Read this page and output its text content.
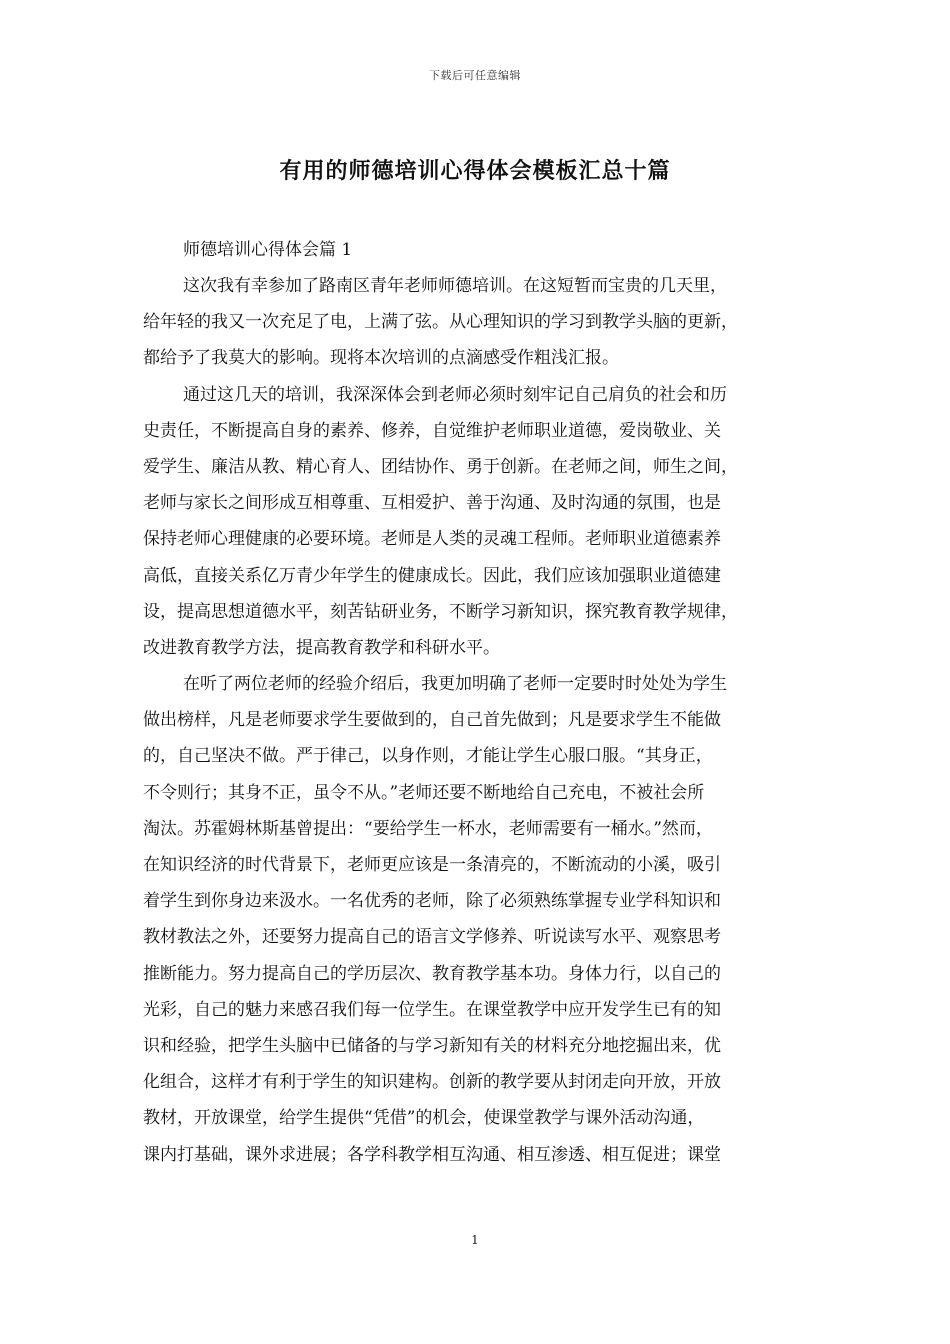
下载后可任意编辑
有用的师德培训心得体会模板汇总十篇

师德培训心得体会篇 1

这次我有幸参加了路南区青年老师师德培训。在这短暂而宝贵的几天里，
给年轻的我又一次充足了电，上满了弦。从心理知识的学习到教学头脑的更新，
都给予了我莫大的影响。现将本次培训的点滴感受作粗浅汇报。
通过这几天的培训，我深深体会到老师必须时刻牢记自己肩负的社会和历
史责任，不断提高自身的素养、修养，自觉维护老师职业道德，爱岗敬业、关
爱学生、廉洁从教、精心育人、团结协作、勇于创新。在老师之间，师生之间，
老师与家长之间形成互相尊重、互相爱护、善于沟通、及时沟通的氛围，也是
保持老师心理健康的必要环境。老师是人类的灵魂工程师。老师职业道德素养
高低，直接关系亿万青少年学生的健康成长。因此，我们应该加强职业道德建
设，提高思想道德水平，刻苦钻研业务，不断学习新知识，探究教育教学规律，
改进教育教学方法，提高教育教学和科研水平。
在听了两位老师的经验介绍后，我更加明确了老师一定要时时处处为学生
做出榜样，凡是老师要求学生要做到的，自己首先做到；凡是要求学生不能做
的，自己坚决不做。严于律己，以身作则，才能让学生心服口服。“其身正，
不令则行；其身不正，虽令不从。”老师还要不断地给自己充电，不被社会所
淘汰。苏霍姆林斯基曾提出：“要给学生一杯水，老师需要有一桶水。”然而，
在知识经济的时代背景下，老师更应该是一条清亮的，不断流动的小溪，吸引
着学生到你身边来汲水。一名优秀的老师，除了必须熟练掌握专业学科知识和
教材教法之外，还要努力提高自己的语言文学修养、听说读写水平、观察思考
推断能力。努力提高自己的学历层次、教育教学基本功。身体力行，以自己的
光彩，自己的魅力来感召我们每一位学生。在课堂教学中应开发学生已有的知
识和经验，把学生头脑中已储备的与学习新知有关的材料充分地挖掘出来，优
化组合，这样才有利于学生的知识建构。创新的教学要从封闭走向开放，开放
教材，开放课堂，给学生提供“凭借”的机会，使课堂教学与课外活动沟通，
课内打基础，课外求进展；各学科教学相互沟通、相互渗透、相互促进；课堂
1
